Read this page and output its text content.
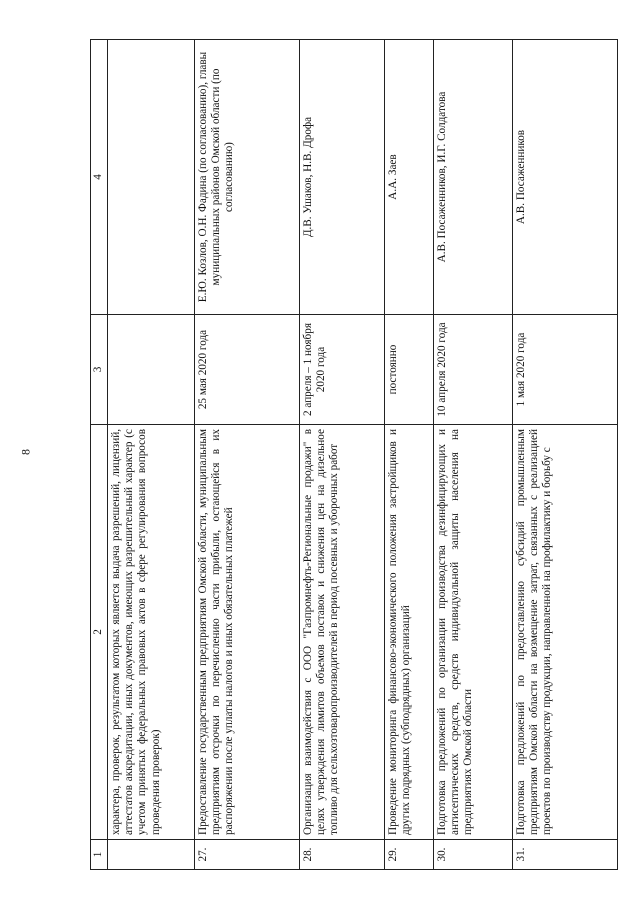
8
1	2	3	4
	характера, проверок, результатом которых является выдача разрешений, лицензий, аттестатов аккредитации, иных документов, имеющих разрешительный характер (с учетом принятых федеральных правовых актов в сфере регулирования вопросов проведения проверок)		
27.	Предоставление государственным предприятиям Омской области, муниципальным предприятиям отсрочки по перечислению части прибыли, остающейся в их распоряжении после уплаты налогов и иных обязательных платежей	25 мая 2020 года	Е.Ю. Козлов, О.Н. Фадина (по согласованию), главы муниципальных районов Омской области (по согласованию)
28.	Организация взаимодействия с ООО "Газпромнефть-Региональные продажи" в целях утверждения лимитов объемов поставок и снижения цен на дизельное топливо для сельхозтоваропроизводителей в период посевных и уборочных работ	2 апреля – 1 ноября 2020 года	Д.В. Ушаков, Н.В. Дрофа
29.	Проведение мониторинга финансово-экономического положения застройщиков и других подрядных (субподрядных) организаций	постоянно	А.А. Заев
30.	Подготовка предложений по организации производства дезинфицирующих и антисептических средств, средств индивидуальной защиты населения на предприятиях Омской области	10 апреля 2020 года	А.В. Посаженников, И.Г. Солдатова
31.	Подготовка предложений по предоставлению субсидий промышленным предприятиям Омской области на возмещение затрат, связанных с реализацией проектов по производству продукции, направленной на профилактику и борьбу с	1 мая 2020 года	А.В. Посаженников
